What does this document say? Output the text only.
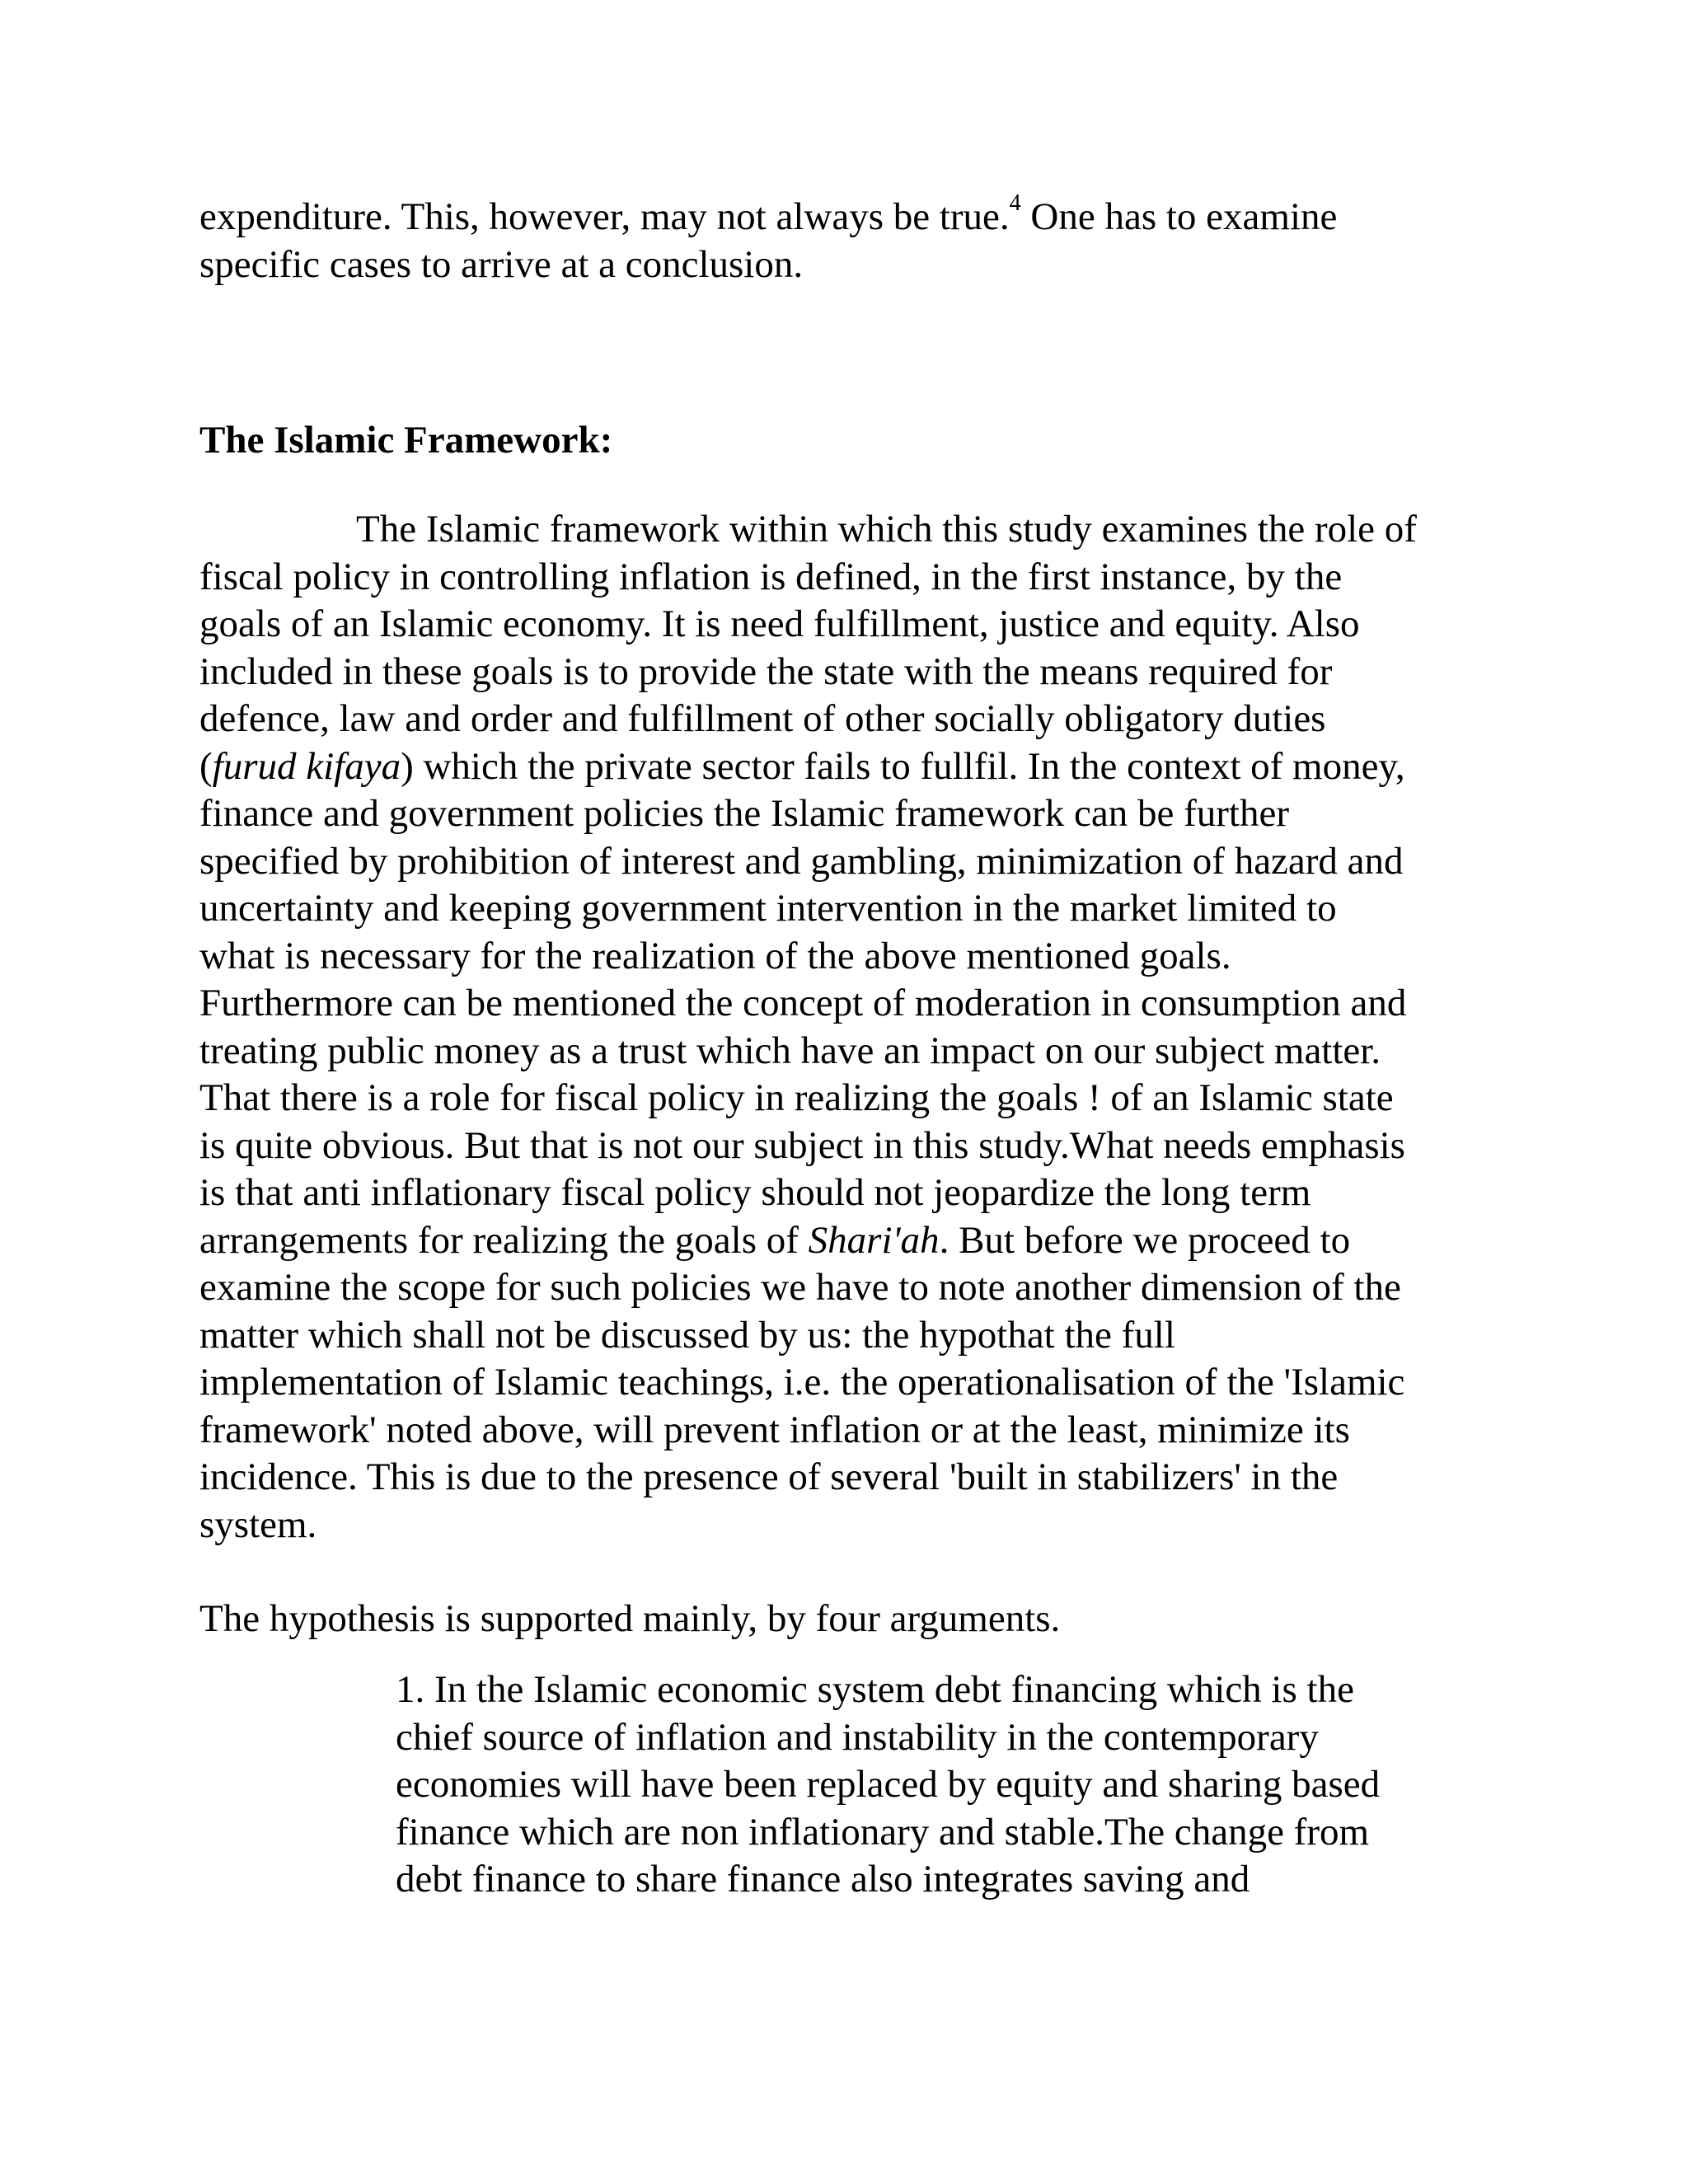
expenditure. This, however, may not always be true.$^4$ One has to examine
specific cases to arrive at a conclusion.
The Islamic Framework:
The Islamic framework within which this study examines the role of
fiscal policy in controlling inflation is defined, in the first instance, by the
goals of an Islamic economy. It is need fulfillment, justice and equity. Also
included in these goals is to provide the state with the means required for
defence, law and order and fulfillment of other socially obligatory duties
(furud kifaya) which the private sector fails to fullfil. In the context of money,
finance and government policies the Islamic framework can be further
specified by prohibition of interest and gambling, minimization of hazard and
uncertainty and keeping government intervention in the market limited to
what is necessary for the realization of the above mentioned goals.
Furthermore can be mentioned the concept of moderation in consumption and
treating public money as a trust which have an impact on our subject matter.
That there is a role for fiscal policy in realizing the goals ! of an Islamic state
is quite obvious. But that is not our subject in this study.What needs emphasis
is that anti inflationary fiscal policy should not jeopardize the long term
arrangements for realizing the goals of Shari'ah. But before we proceed to
examine the scope for such policies we have to note another dimension of the
matter which shall not be discussed by us: the hypothat the full
implementation of Islamic teachings, i.e. the operationalisation of the 'Islamic
framework' noted above, will prevent inflation or at the least, minimize its
incidence. This is due to the presence of several 'built in stabilizers' in the
system.
The hypothesis is supported mainly, by four arguments.
1. In the Islamic economic system debt financing which is the
chief source of inflation and instability in the contemporary
economies will have been replaced by equity and sharing based
finance which are non inflationary and stable.The change from
debt finance to share finance also integrates saving and
